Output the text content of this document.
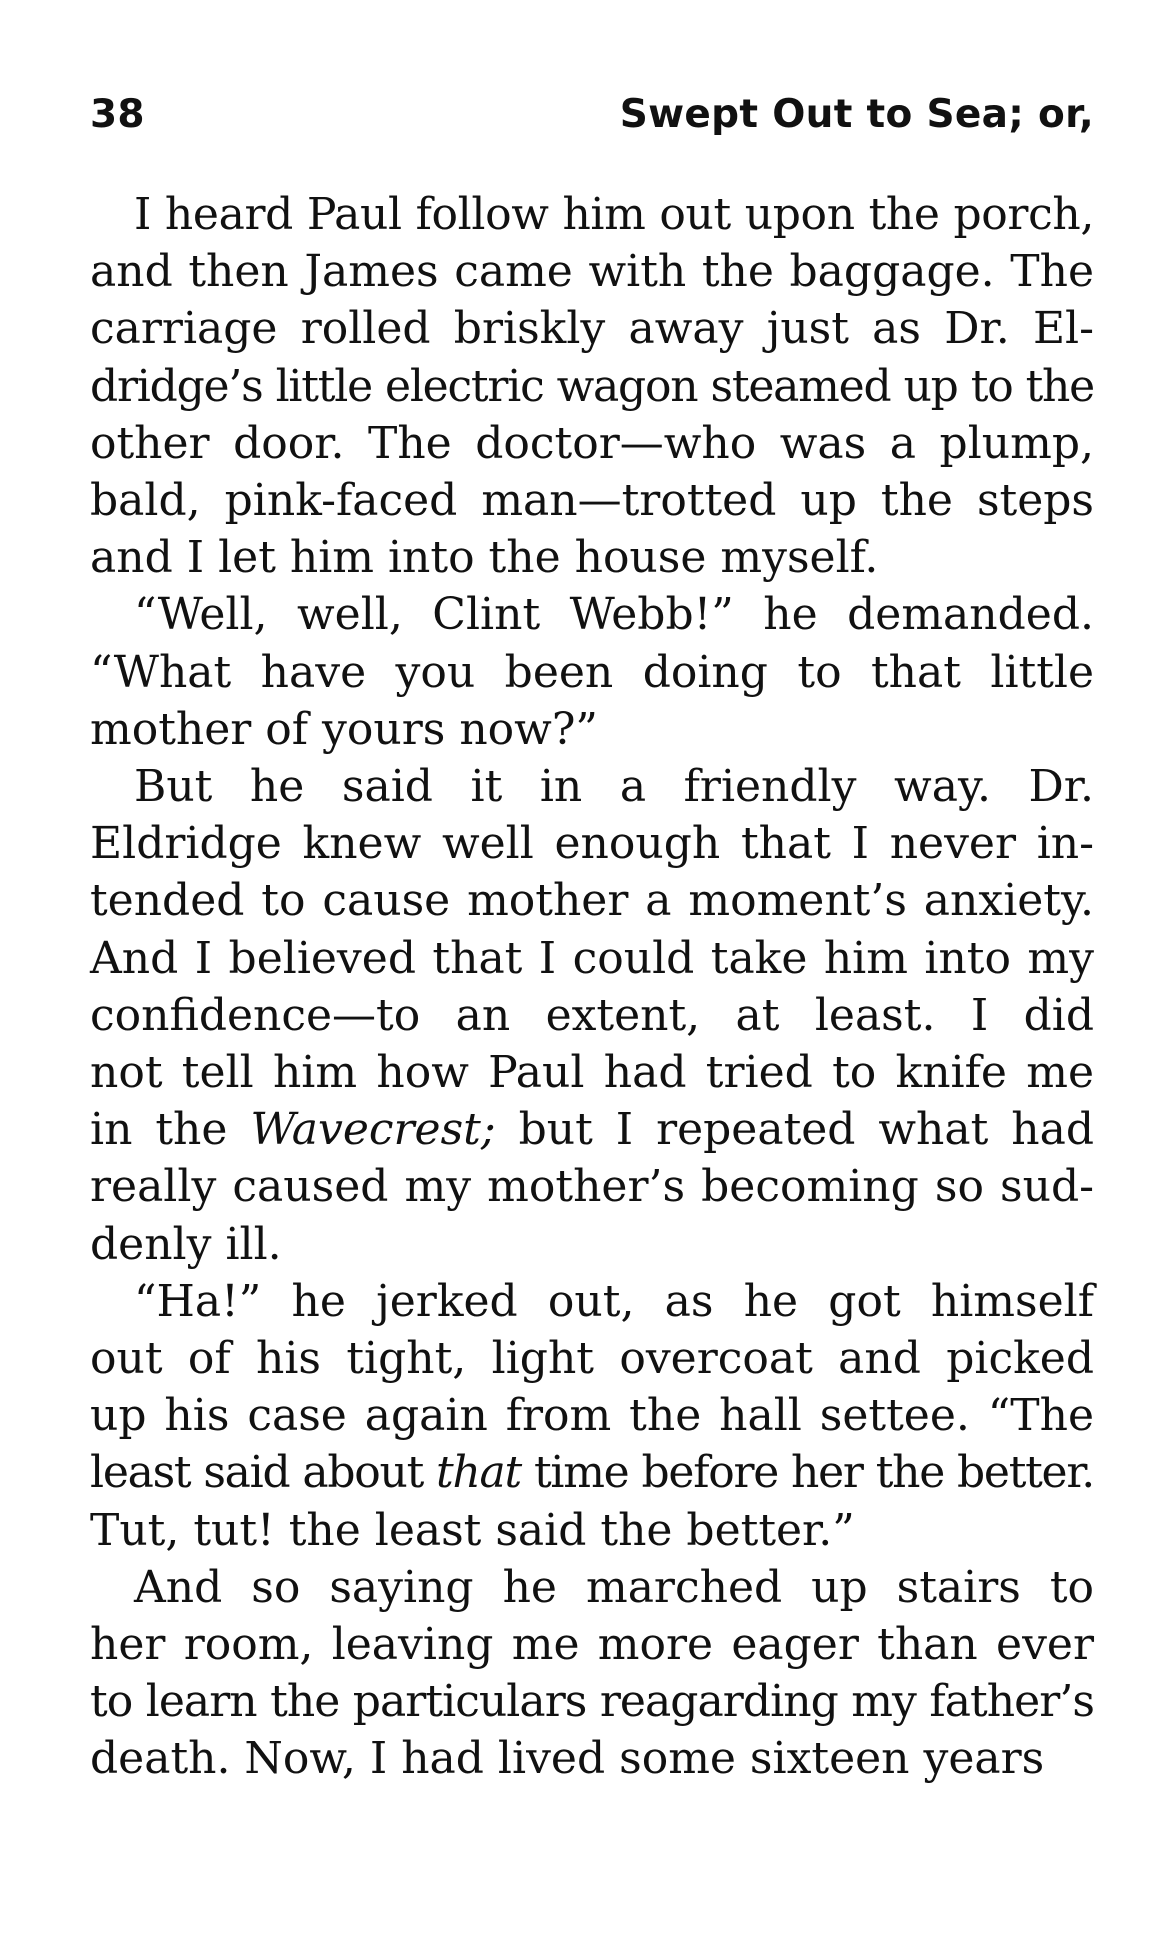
38	Swept Out to Sea; or,
I heard Paul follow him out upon the porch,
and then James came with the baggage. The
carriage rolled briskly away just as Dr. El-
dridge’s little electric wagon steamed up to the
other door. The doctor—who was a plump,
bald, pink-faced man—trotted up the steps
and I let him into the house myself.
“Well, well, Clint Webb!” he demanded.
“What have you been doing to that little
mother of yours now?”
But he said it in a friendly way. Dr.
Eldridge knew well enough that I never in-
tended to cause mother a moment’s anxiety.
And I believed that I could take him into my
confidence—to an extent, at least. I did
not tell him how Paul had tried to knife me
in the Wavecrest; but I repeated what had
really caused my mother’s becoming so sud-
denly ill.
“Ha!” he jerked out, as he got himself
out of his tight, light overcoat and picked
up his case again from the hall settee. “The
least said about that time before her the better.
Tut, tut! the least said the better.”
And so saying he marched up stairs to
her room, leaving me more eager than ever
to learn the particulars reagarding my father’s
death. Now, I had lived some sixteen years
